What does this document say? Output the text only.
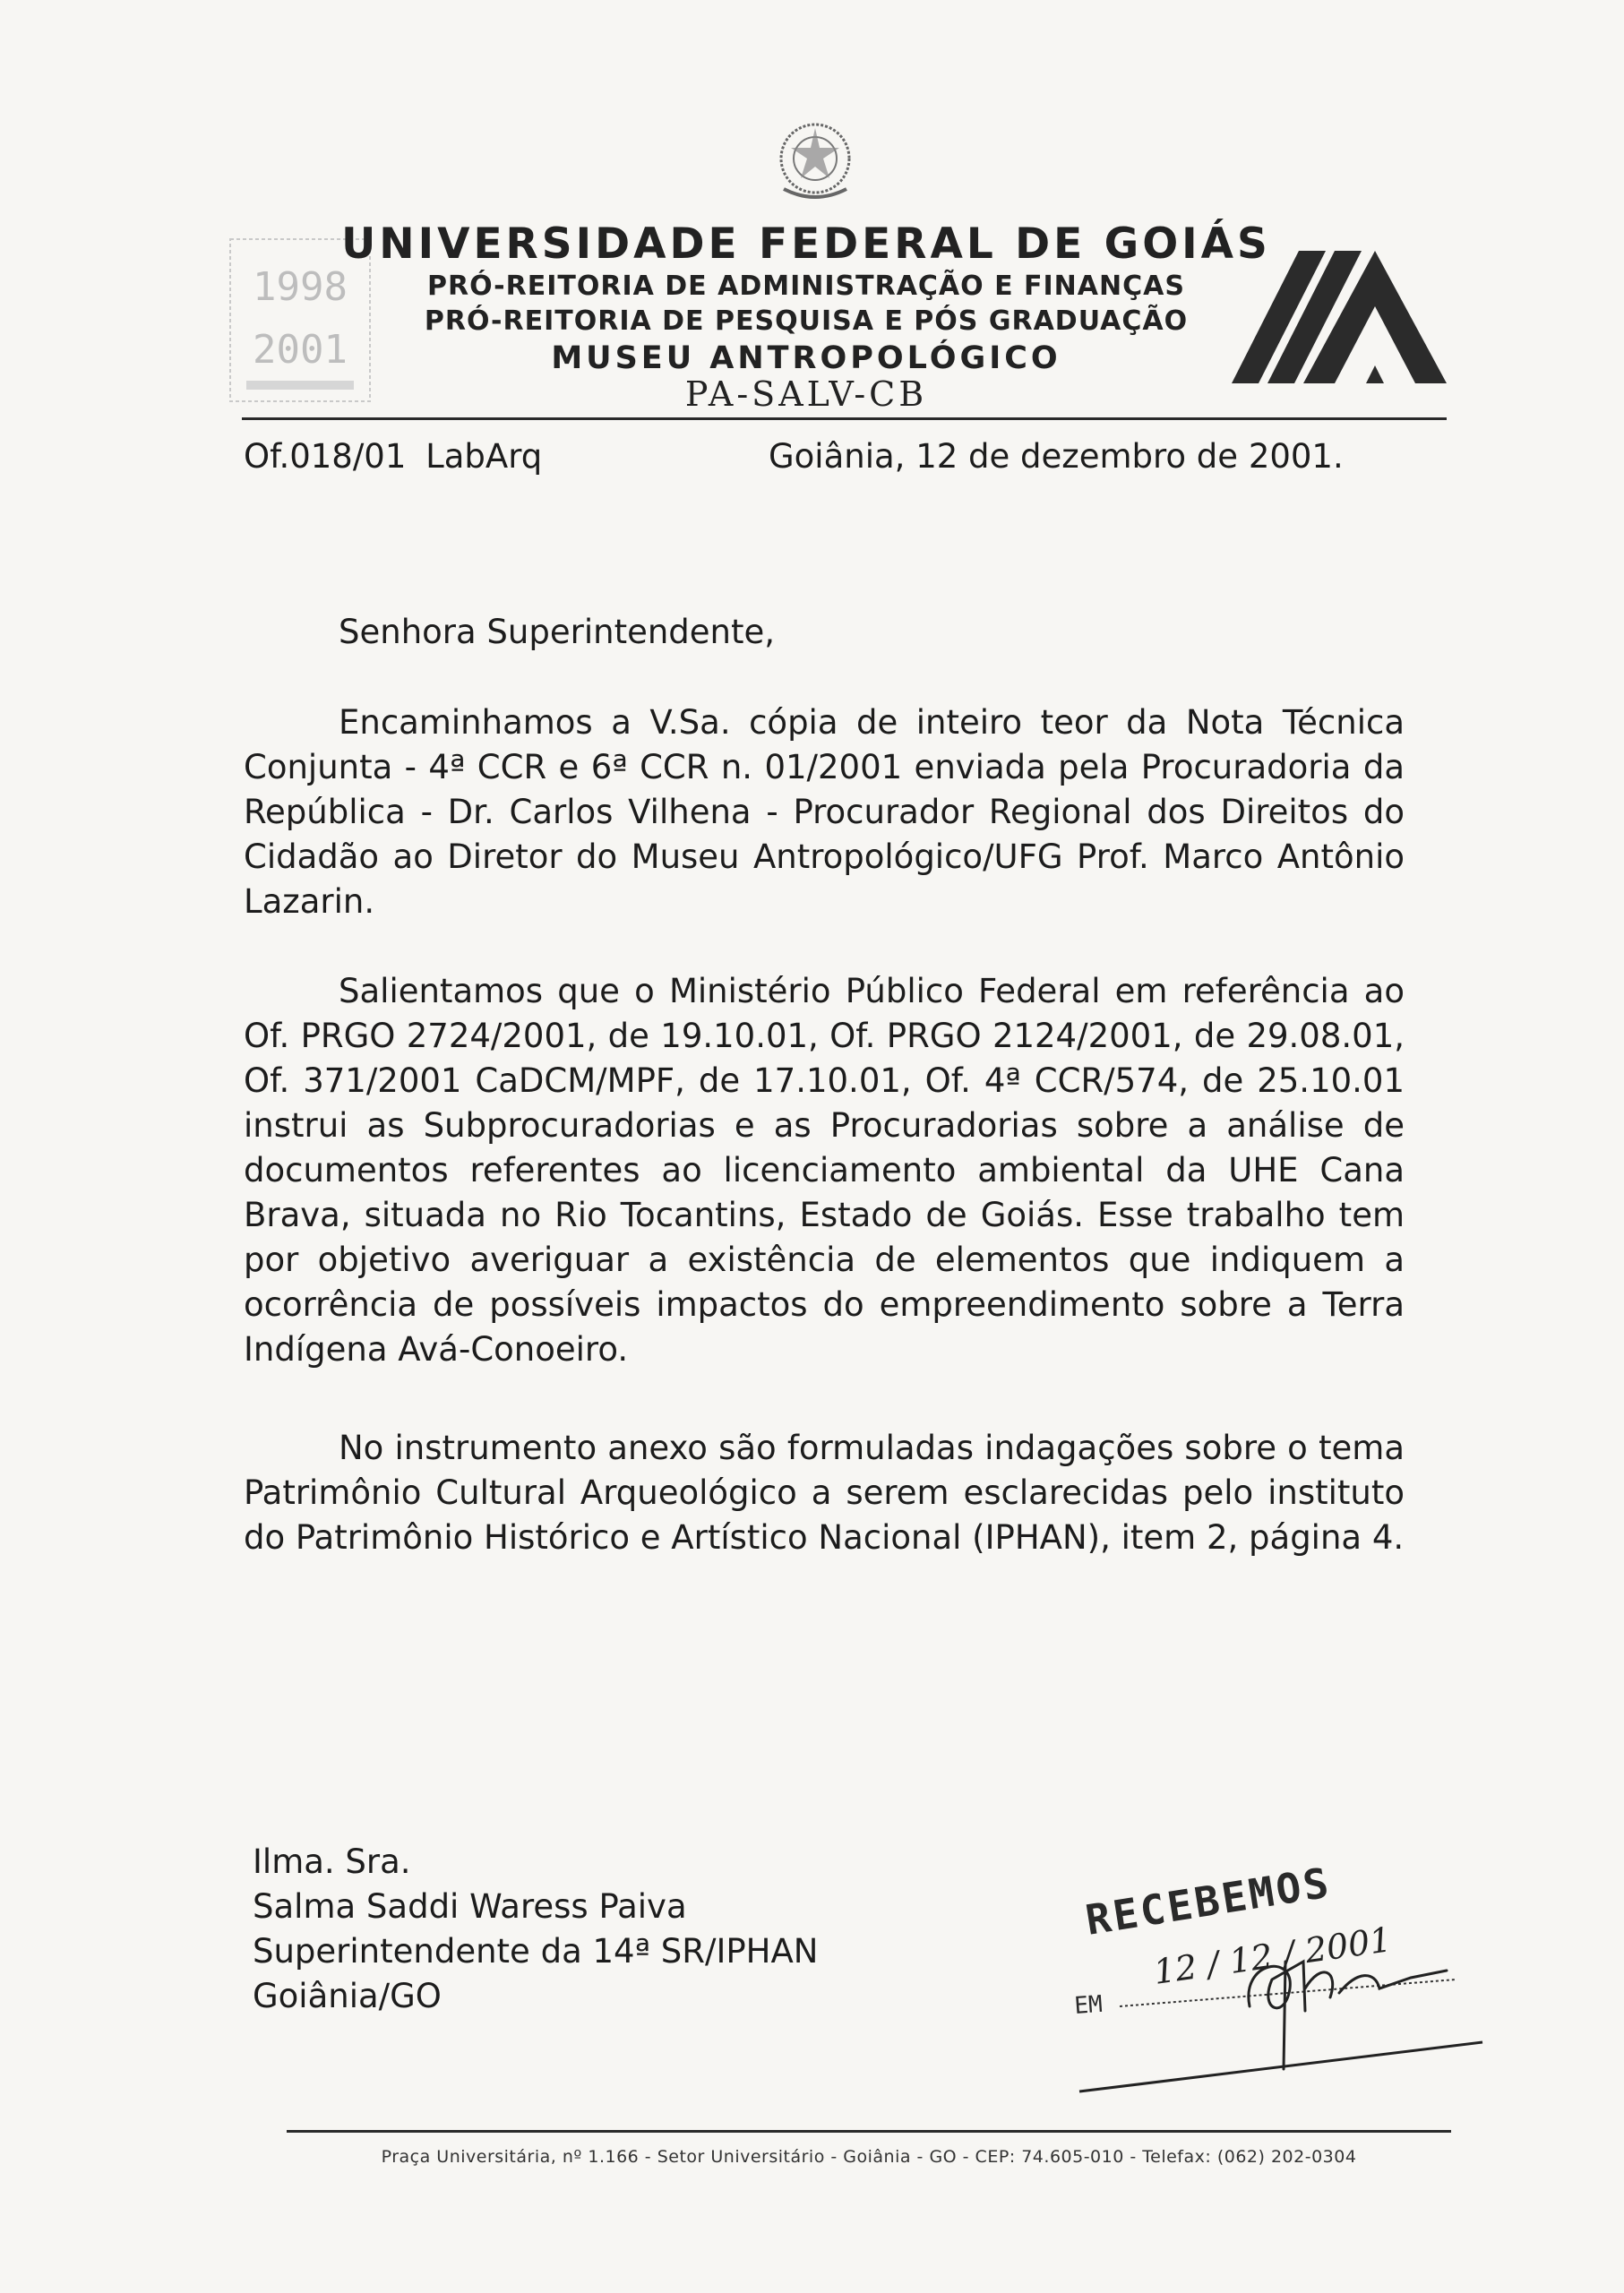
1998
2001
UNIVERSIDADE FEDERAL DE GOIÁS
PRÓ-REITORIA DE ADMINISTRAÇÃO E FINANÇAS
PRÓ-REITORIA DE PESQUISA E PÓS GRADUAÇÃO
MUSEU ANTROPOLÓGICO
PA-SALV-CB
Of.018/01 LabArq	Goiânia, 12 de dezembro de 2001.
Senhora Superintendente,

Encaminhamos a V.Sa. cópia de inteiro teor da Nota Técnica Conjunta - 4ª CCR e 6ª CCR n. 01/2001 enviada pela Procuradoria da República - Dr. Carlos Vilhena - Procurador Regional dos Direitos do Cidadão ao Diretor do Museu Antropológico/UFG Prof. Marco Antônio Lazarin.

Salientamos que o Ministério Público Federal em referência ao Of. PRGO 2724/2001, de 19.10.01, Of. PRGO 2124/2001, de 29.08.01, Of. 371/2001 CaDCM/MPF, de 17.10.01, Of. 4ª CCR/574, de 25.10.01 instrui as Subprocuradorias e as Procuradorias sobre a análise de documentos referentes ao licenciamento ambiental da UHE Cana Brava, situada no Rio Tocantins, Estado de Goiás. Esse trabalho tem por objetivo averiguar a existência de elementos que indiquem a ocorrência de possíveis impactos do empreendimento sobre a Terra Indígena Avá-Conoeiro.

No instrumento anexo são formuladas indagações sobre o tema Patrimônio Cultural Arqueológico a serem esclarecidas pelo instituto do Patrimônio Histórico e Artístico Nacional (IPHAN), item 2, página 4.

Ilma. Sra.
Salma Saddi Waress Paiva
Superintendente da 14ª SR/IPHAN
Goiânia/GO
RECEBEMOS
EM
12 / 12 / 2001
Praça Universitária, nº 1.166 - Setor Universitário - Goiânia - GO - CEP: 74.605-010 - Telefax: (062) 202-0304
